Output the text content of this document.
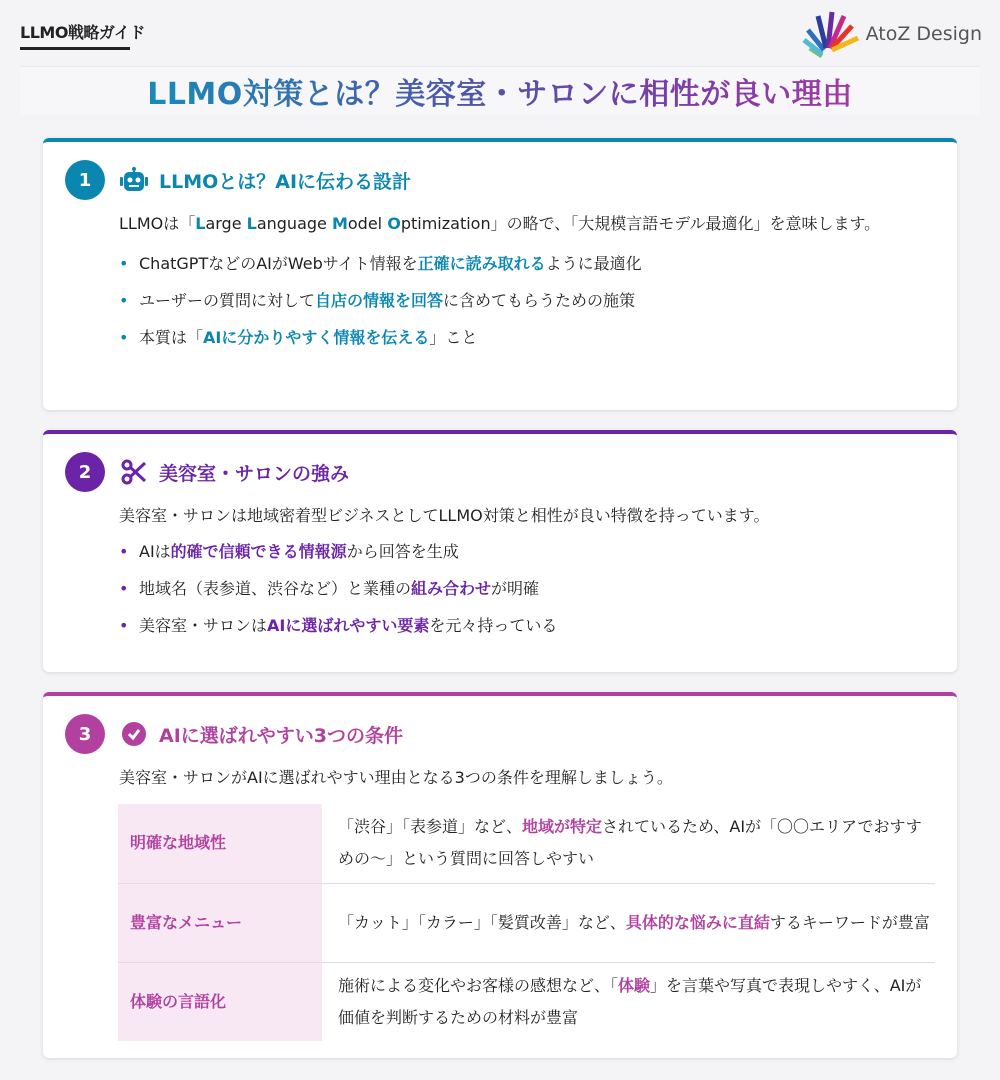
LLMO戦略ガイド	AtoZ Design
LLMO対策とは？美容室・サロンに相性が良い理由
1	LLMOとは？AIに伝わる設計

LLMOは「Large Language Model Optimization」の略で、「大規模言語モデル最適化」を意味します。

• ChatGPTなどのAIがWebサイト情報を正確に読み取れるように最適化
• ユーザーの質問に対して自店の情報を回答に含めてもらうための施策
• 本質は「AIに分かりやすく情報を伝える」こと
2	美容室・サロンの強み

美容室・サロンは地域密着型ビジネスとしてLLMO対策と相性が良い特徴を持っています。

• AIは的確で信頼できる情報源から回答を生成
• 地域名（表参道、渋谷など）と業種の組み合わせが明確
• 美容室・サロンはAIに選ばれやすい要素を元々持っている
3	AIに選ばれやすい3つの条件

美容室・サロンがAIに選ばれやすい理由となる3つの条件を理解しましょう。

明確な地域性	「渋谷」「表参道」など、地域が特定されているため、AIが「〇〇エリアでおすすめの〜」という質問に回答しやすい
豊富なメニュー	「カット」「カラー」「髪質改善」など、具体的な悩みに直結するキーワードが豊富
体験の言語化	施術による変化やお客様の感想など、「体験」を言葉や写真で表現しやすく、AIが価値を判断するための材料が豊富
